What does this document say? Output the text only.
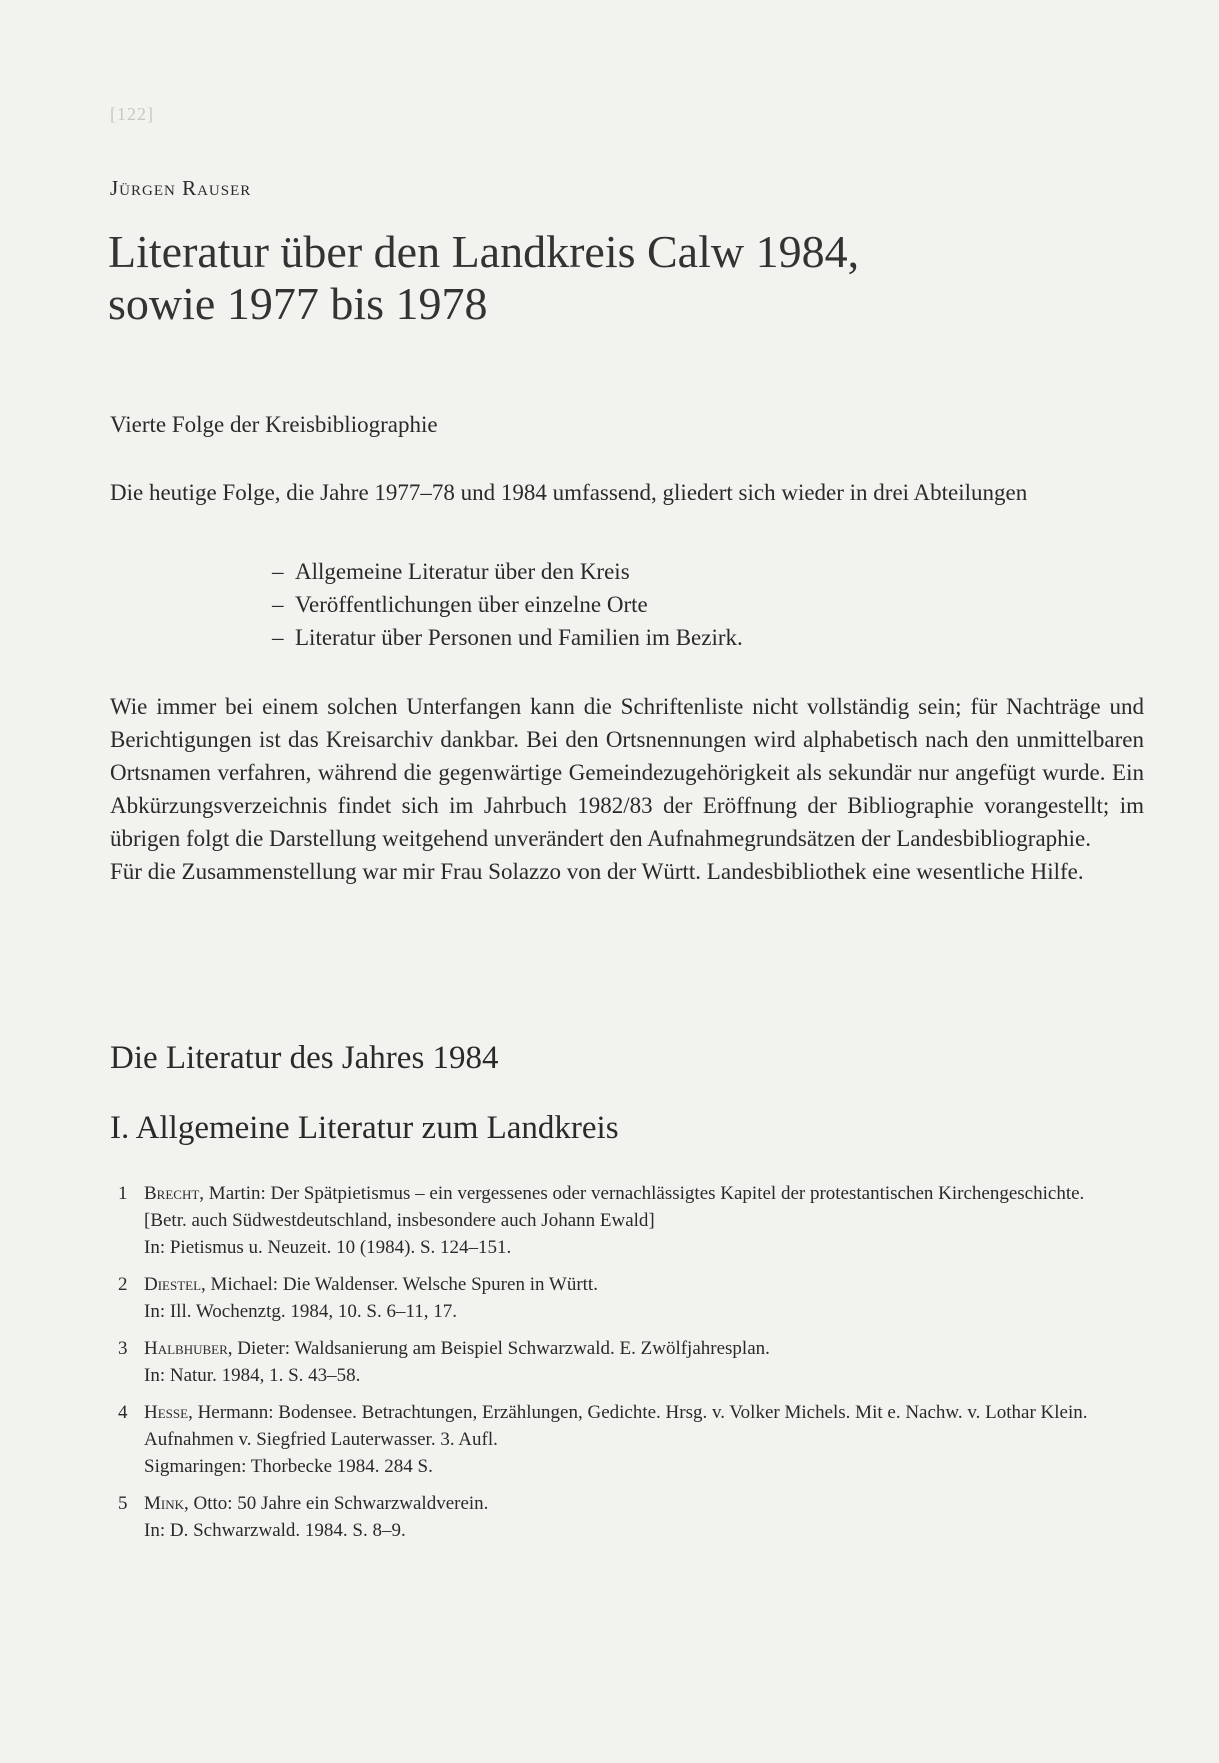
[122]
Jürgen Rauser
Literatur über den Landkreis Calw 1984,
sowie 1977 bis 1978
Vierte Folge der Kreisbibliographie
Die heutige Folge, die Jahre 1977–78 und 1984 umfassend, gliedert sich wieder in drei Abteilungen
–  Allgemeine Literatur über den Kreis
–  Veröffentlichungen über einzelne Orte
–  Literatur über Personen und Familien im Bezirk.

Wie immer bei einem solchen Unterfangen kann die Schriftenliste nicht vollständig sein; für Nachträge und Berichtigungen ist das Kreisarchiv dankbar. Bei den Ortsnennungen wird alphabetisch nach den unmittelbaren Ortsnamen verfahren, während die gegenwärtige Gemeindezugehörigkeit als sekundär nur angefügt wurde. Ein Abkürzungsverzeichnis findet sich im Jahrbuch 1982/83 der Eröffnung der Bibliographie vorangestellt; im übrigen folgt die Darstellung weitgehend unverändert den Aufnahmegrundsätzen der Landesbibliographie.

Für die Zusammenstellung war mir Frau Solazzo von der Württ. Landesbibliothek eine wesentliche Hilfe.

Die Literatur des Jahres 1984
I. Allgemeine Literatur zum Landkreis
1 Brecht, Martin: Der Spätpietismus – ein vergessenes oder vernachlässigtes Kapitel der protestantischen Kirchengeschichte.
[Betr. auch Südwestdeutschland, insbesondere auch Johann Ewald]
In: Pietismus u. Neuzeit. 10 (1984). S. 124–151.
2 Diestel, Michael: Die Waldenser. Welsche Spuren in Württ.
In: Ill. Wochenztg. 1984, 10. S. 6–11, 17.
3 Halbhuber, Dieter: Waldsanierung am Beispiel Schwarzwald. E. Zwölfjahresplan.
In: Natur. 1984, 1. S. 43–58.
4 Hesse, Hermann: Bodensee. Betrachtungen, Erzählungen, Gedichte. Hrsg. v. Volker Michels. Mit e. Nachw. v. Lothar Klein. Aufnahmen v. Siegfried Lauterwasser. 3. Aufl.
Sigmaringen: Thorbecke 1984. 284 S.
5 Mink, Otto: 50 Jahre ein Schwarzwaldverein.
In: D. Schwarzwald. 1984. S. 8–9.
